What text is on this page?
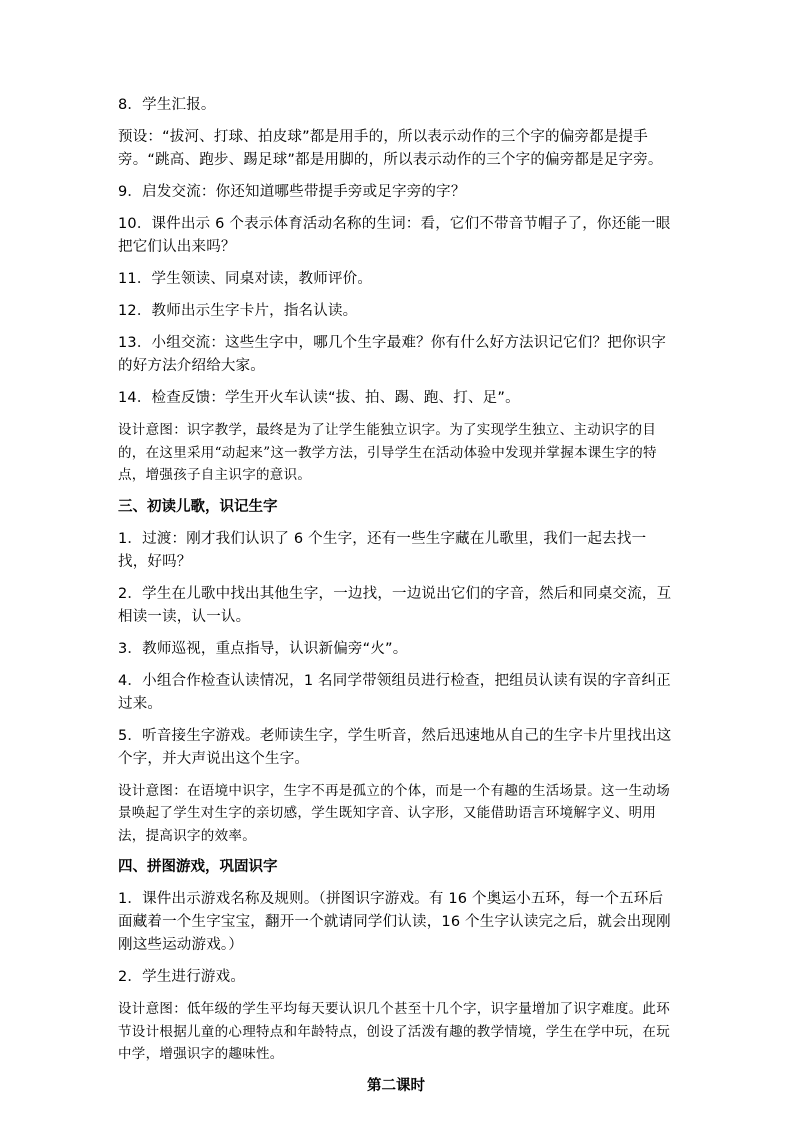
8．学生汇报。
预设：“拔河、打球、拍皮球”都是用手的，所以表示动作的三个字的偏旁都是提手旁。“跳高、跑步、踢足球”都是用脚的，所以表示动作的三个字的偏旁都是足字旁。
9．启发交流：你还知道哪些带提手旁或足字旁的字？
10．课件出示 6 个表示体育活动名称的生词：看，它们不带音节帽子了，你还能一眼把它们认出来吗？
11．学生领读、同桌对读，教师评价。
12．教师出示生字卡片，指名认读。
13．小组交流：这些生字中，哪几个生字最难？你有什么好方法识记它们？把你识字的好方法介绍给大家。
14．检查反馈：学生开火车认读“拔、拍、踢、跑、打、足”。
设计意图：识字教学，最终是为了让学生能独立识字。为了实现学生独立、主动识字的目的，在这里采用“动起来”这一教学方法，引导学生在活动体验中发现并掌握本课生字的特点，增强孩子自主识字的意识。
三、初读儿歌，识记生字
1．过渡：刚才我们认识了 6 个生字，还有一些生字藏在儿歌里，我们一起去找一找，好吗？
2．学生在儿歌中找出其他生字，一边找，一边说出它们的字音，然后和同桌交流，互相读一读，认一认。
3．教师巡视，重点指导，认识新偏旁“火”。
4．小组合作检查认读情况，1 名同学带领组员进行检查，把组员认读有误的字音纠正过来。
5．听音接生字游戏。老师读生字，学生听音，然后迅速地从自己的生字卡片里找出这个字，并大声说出这个生字。
设计意图：在语境中识字，生字不再是孤立的个体，而是一个有趣的生活场景。这一生动场景唤起了学生对生字的亲切感，学生既知字音、认字形，又能借助语言环境解字义、明用法，提高识字的效率。
四、拼图游戏，巩固识字
1．课件出示游戏名称及规则。（拼图识字游戏。有 16 个奥运小五环，每一个五环后面藏着一个生字宝宝，翻开一个就请同学们认读，16 个生字认读完之后，就会出现刚刚这些运动游戏。）
2．学生进行游戏。
设计意图：低年级的学生平均每天要认识几个甚至十几个字，识字量增加了识字难度。此环节设计根据儿童的心理特点和年龄特点，创设了活泼有趣的教学情境，学生在学中玩，在玩中学，增强识字的趣味性。
第二课时
